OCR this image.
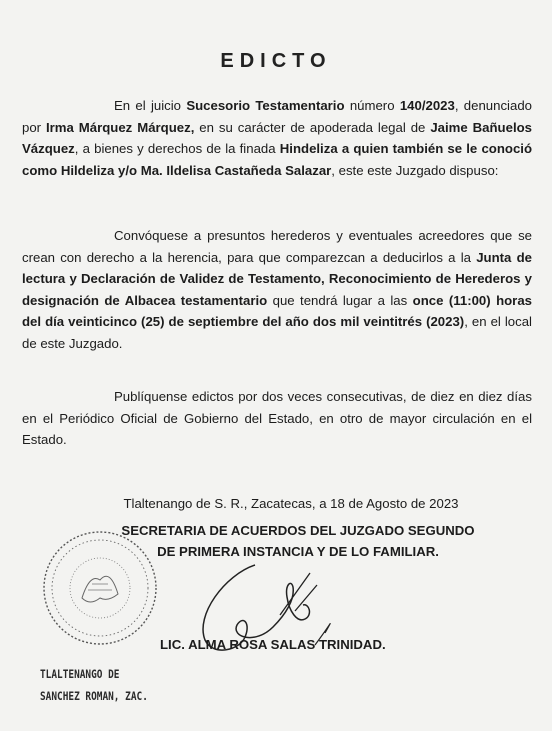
EDICTO
En el juicio Sucesorio Testamentario número 140/2023, denunciado por Irma Márquez Márquez, en su carácter de apoderada legal de Jaime Bañuelos Vázquez, a bienes y derechos de la finada Hindeliza a quien también se le conoció como Hildeliza y/o Ma. Ildelisa Castañeda Salazar, este este Juzgado dispuso:
Convóquese a presuntos herederos y eventuales acreedores que se crean con derecho a la herencia, para que comparezcan a deducirlos a la Junta de lectura y Declaración de Validez de Testamento, Reconocimiento de Herederos y designación de Albacea testamentario que tendrá lugar a las once (11:00) horas del día veinticinco (25) de septiembre del año dos mil veintitrés (2023), en el local de este Juzgado.
Publíquense edictos por dos veces consecutivas, de diez en diez días en el Periódico Oficial de Gobierno del Estado, en otro de mayor circulación en el Estado.
Tlaltenango de S. R., Zacatecas, a 18 de Agosto de 2023
SECRETARIA DE ACUERDOS DEL JUZGADO SEGUNDO
DE PRIMERA INSTANCIA Y DE LO FAMILIAR.
LIC. ALMA ROSA SALAS TRINIDAD.
TLALTENANGO DE
SANCHEZ ROMAN, ZAC.
